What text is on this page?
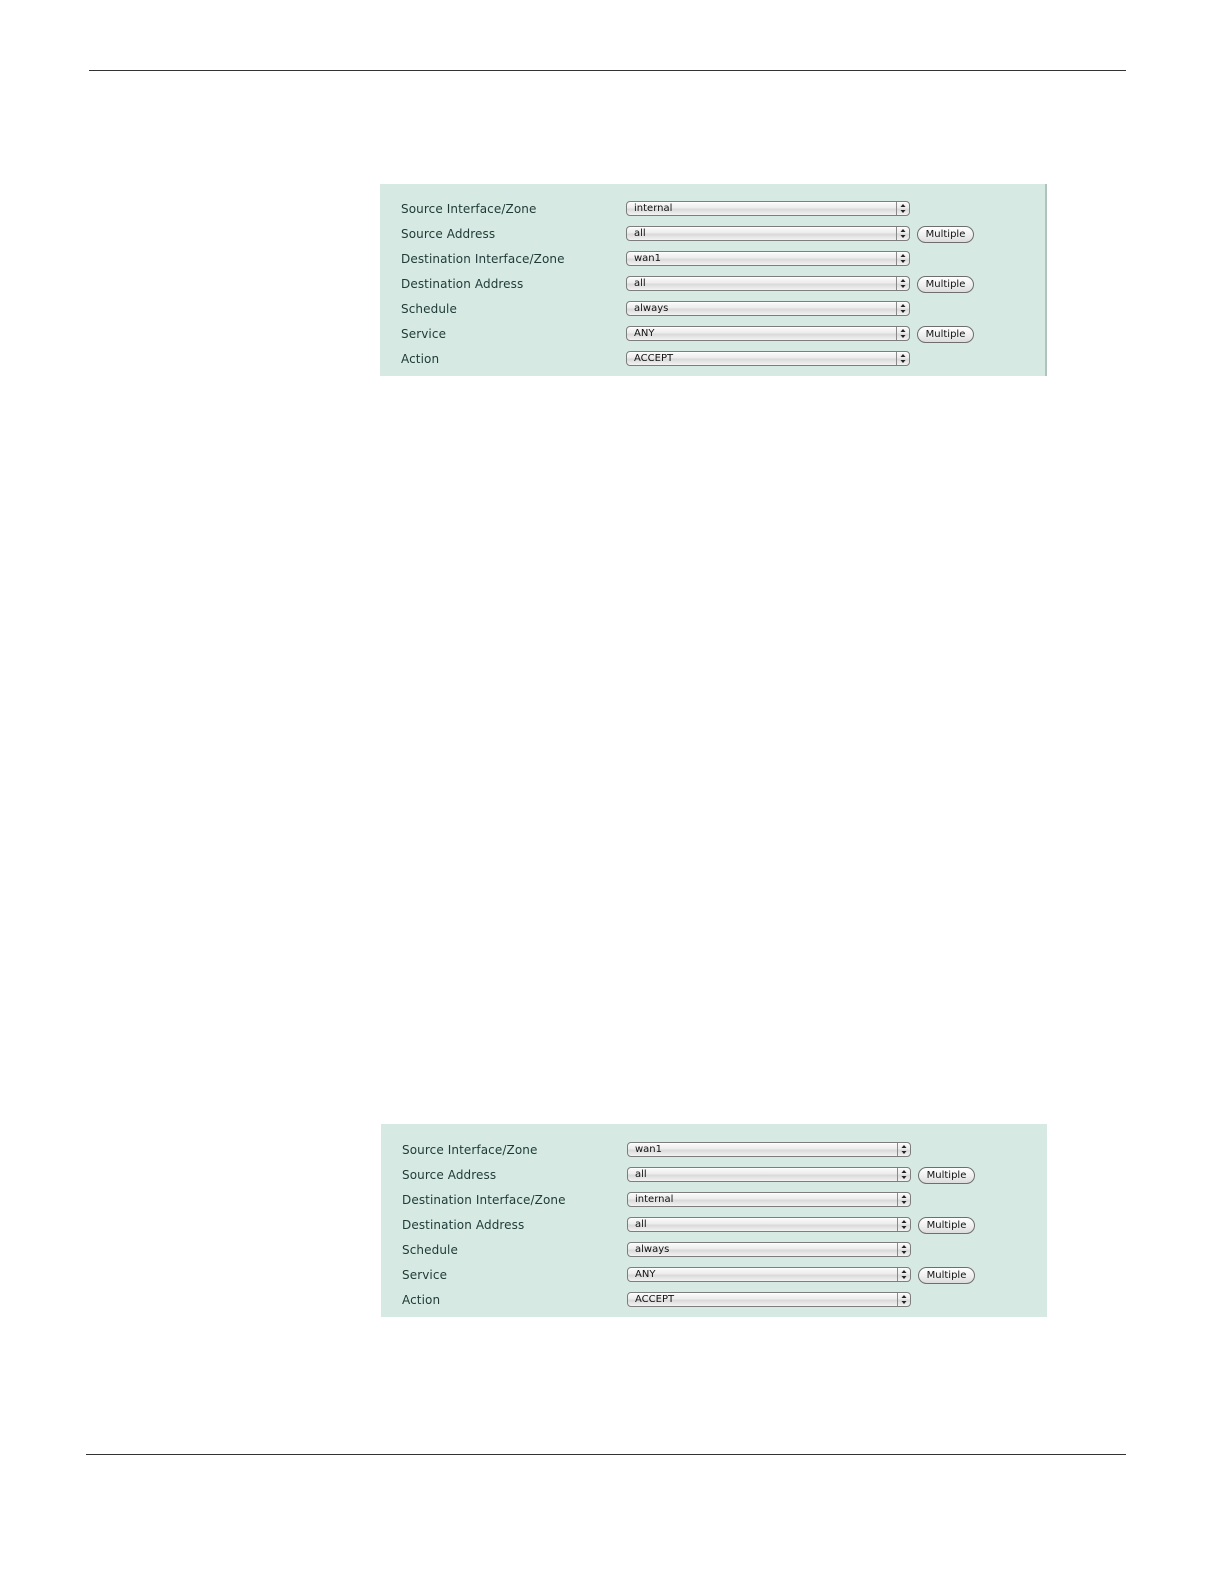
Source Interface/Zone	internal
Source Address	all	Multiple
Destination Interface/Zone	wan1
Destination Address	all	Multiple
Schedule	always
Service	ANY	Multiple
Action	ACCEPT
Source Interface/Zone	wan1
Source Address	all	Multiple
Destination Interface/Zone	internal
Destination Address	all	Multiple
Schedule	always
Service	ANY	Multiple
Action	ACCEPT
